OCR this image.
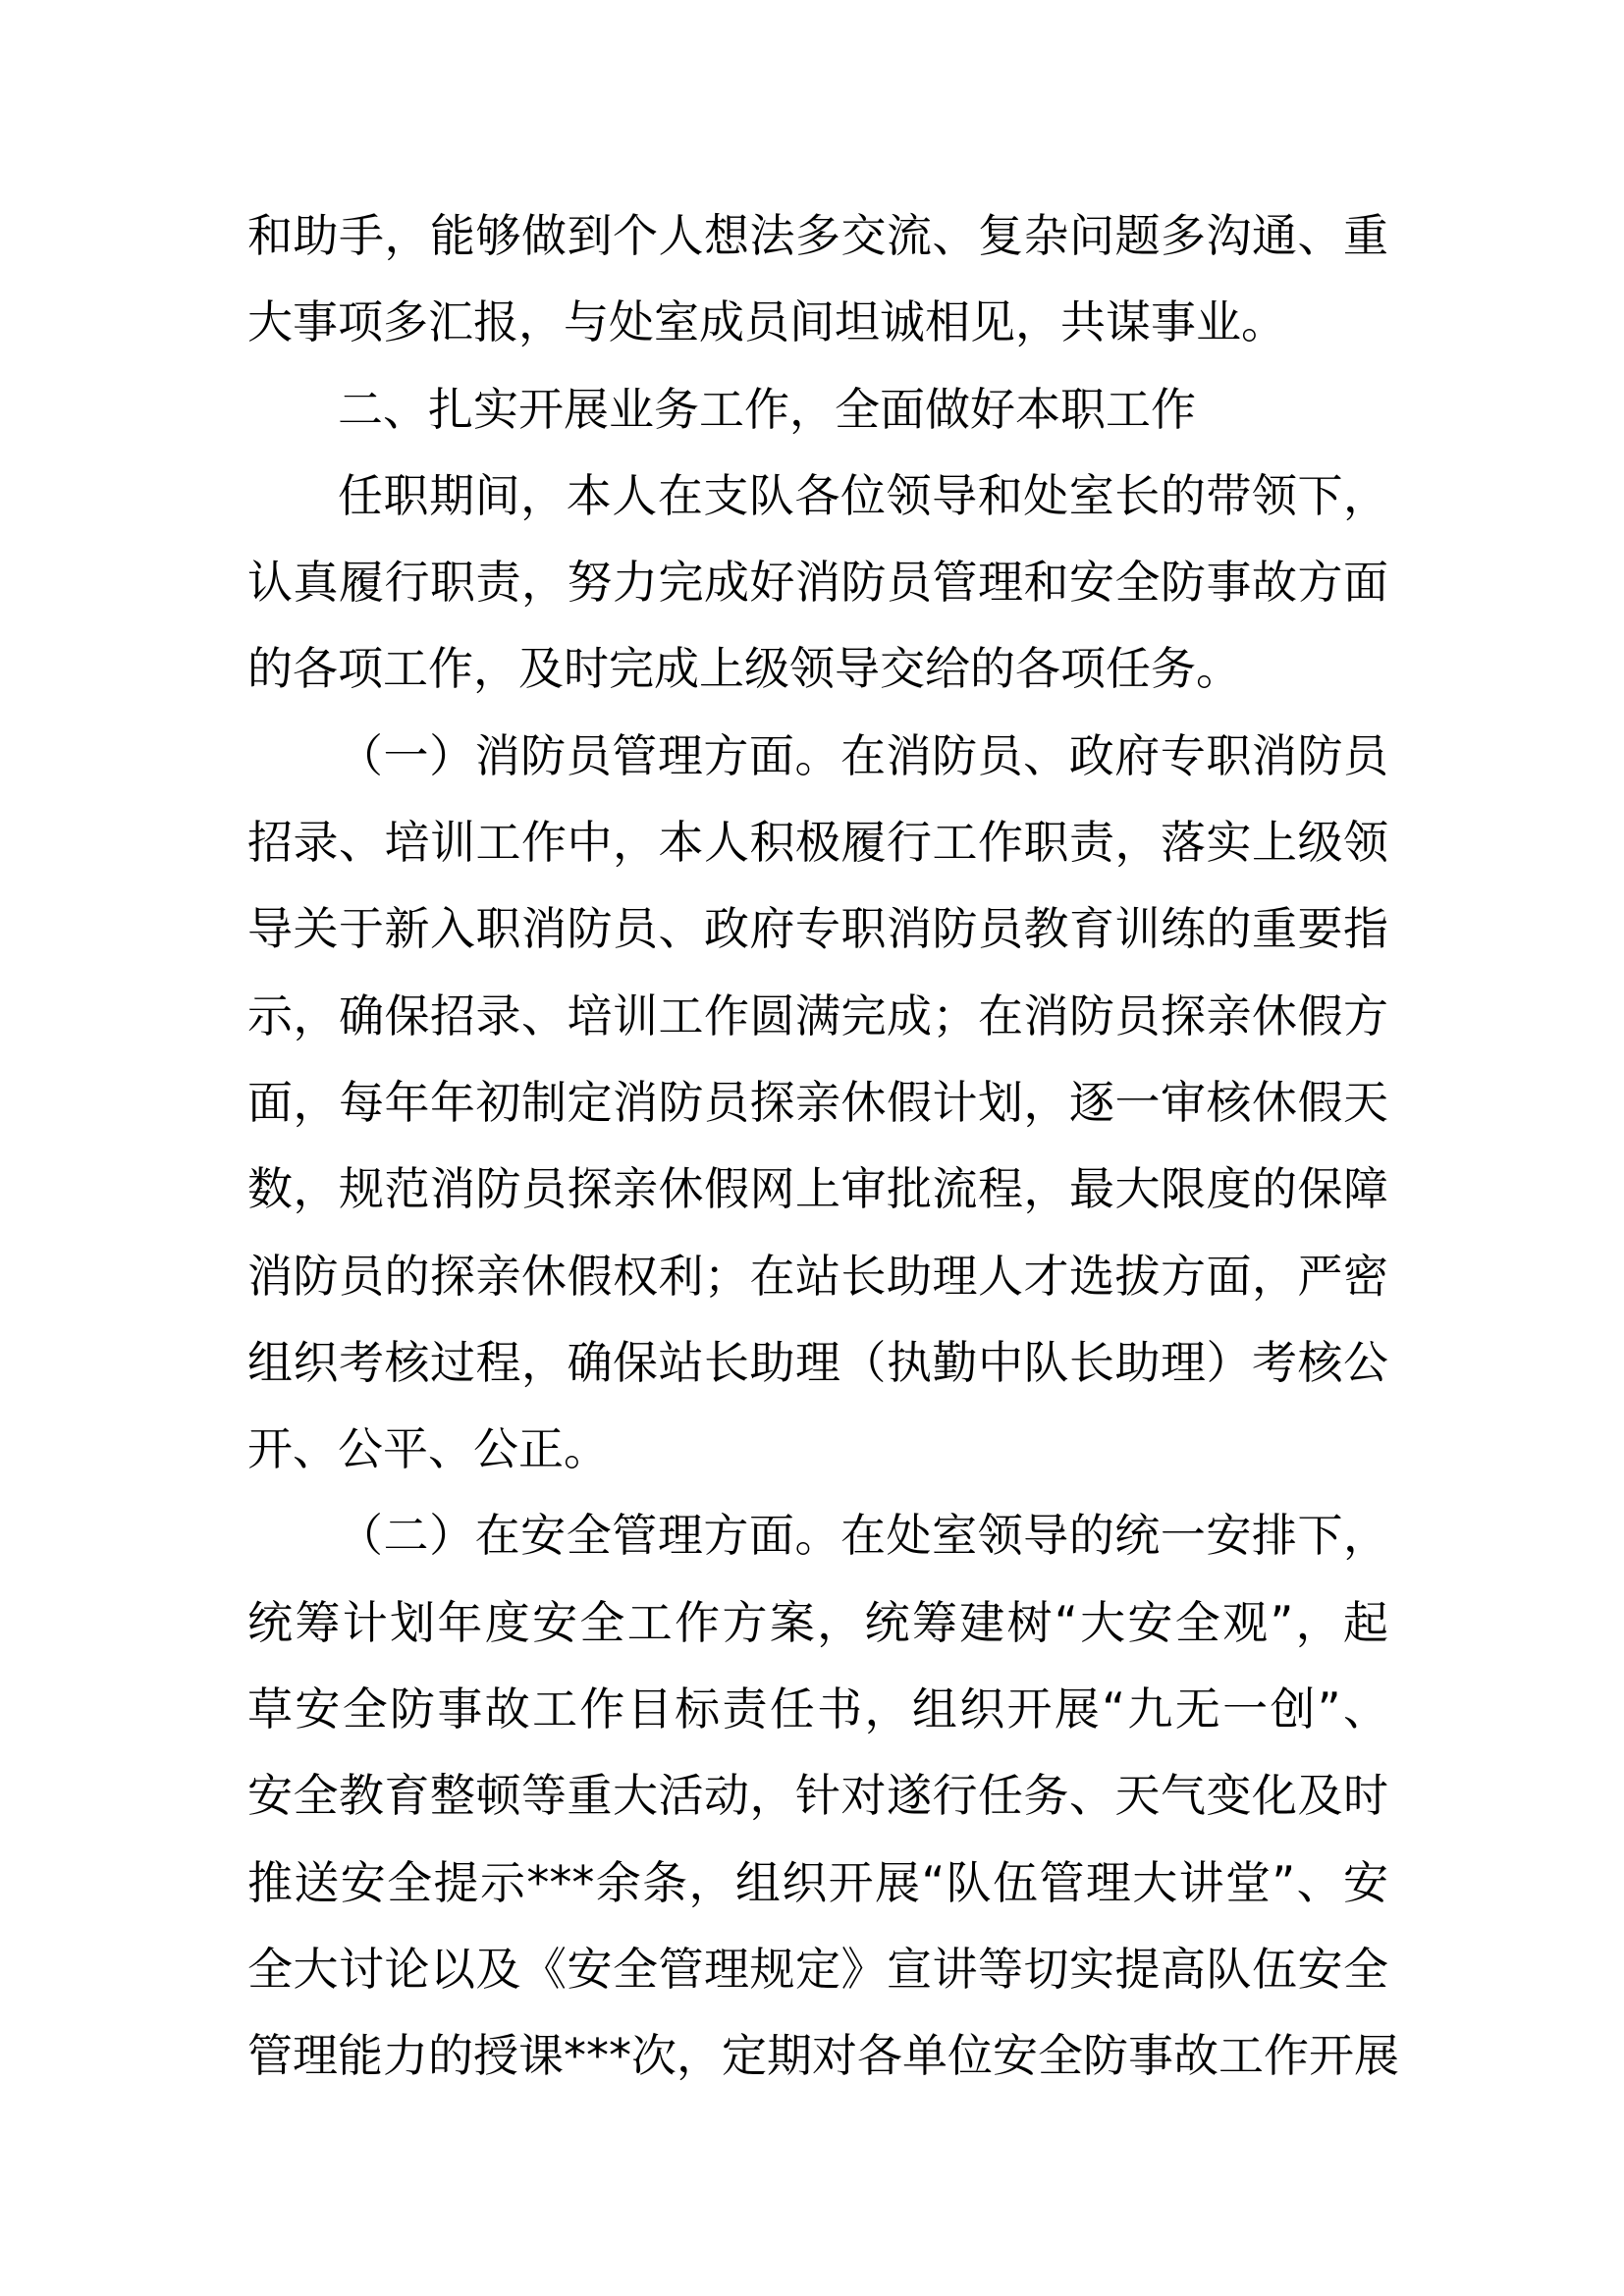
和助手，能够做到个人想法多交流、复杂问题多沟通、重
大事项多汇报，与处室成员间坦诚相见，共谋事业。
二、扎实开展业务工作，全面做好本职工作
任职期间，本人在支队各位领导和处室长的带领下，
认真履行职责，努力完成好消防员管理和安全防事故方面
的各项工作，及时完成上级领导交给的各项任务。
（一）消防员管理方面。在消防员、政府专职消防员
招录、培训工作中，本人积极履行工作职责，落实上级领
导关于新入职消防员、政府专职消防员教育训练的重要指
示，确保招录、培训工作圆满完成；在消防员探亲休假方
面，每年年初制定消防员探亲休假计划，逐一审核休假天
数，规范消防员探亲休假网上审批流程，最大限度的保障
消防员的探亲休假权利；在站长助理人才选拔方面，严密
组织考核过程，确保站长助理（执勤中队长助理）考核公
开、公平、公正。
（二）在安全管理方面。在处室领导的统一安排下，
统筹计划年度安全工作方案，统筹建树“大安全观”，起
草安全防事故工作目标责任书，组织开展“九无一创”、
安全教育整顿等重大活动，针对遂行任务、天气变化及时
推送安全提示***余条，组织开展“队伍管理大讲堂”、安
全大讨论以及《安全管理规定》宣讲等切实提高队伍安全
管理能力的授课***次，定期对各单位安全防事故工作开展
